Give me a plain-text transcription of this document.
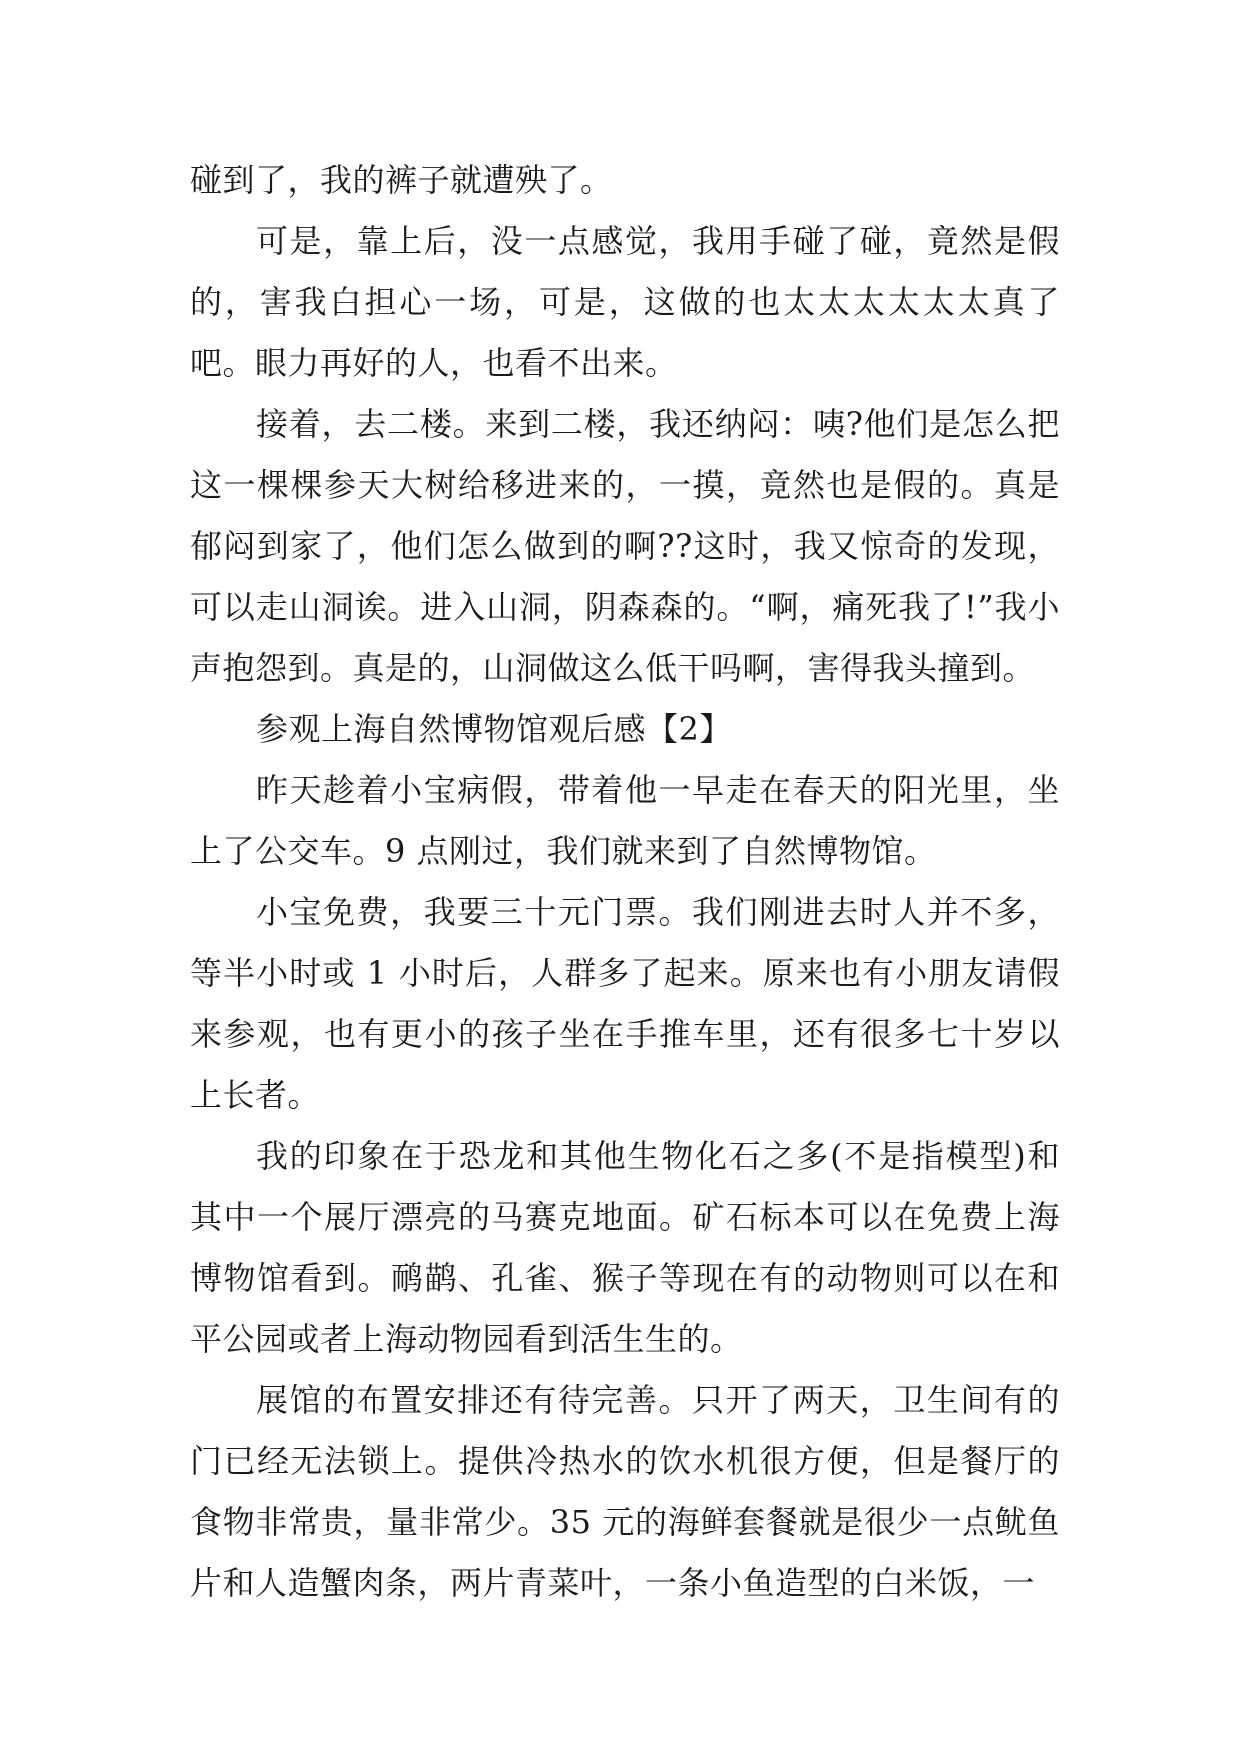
碰到了，我的裤子就遭殃了。

可是，靠上后，没一点感觉，我用手碰了碰，竟然是假的，害我白担心一场，可是，这做的也太太太太太太真了吧。眼力再好的人，也看不出来。

接着，去二楼。来到二楼，我还纳闷：咦?他们是怎么把这一棵棵参天大树给移进来的，一摸，竟然也是假的。真是郁闷到家了，他们怎么做到的啊??这时，我又惊奇的发现，可以走山洞诶。进入山洞，阴森森的。“啊，痛死我了!”我小声抱怨到。真是的，山洞做这么低干吗啊，害得我头撞到。

参观上海自然博物馆观后感【2】

昨天趁着小宝病假，带着他一早走在春天的阳光里，坐上了公交车。9 点刚过，我们就来到了自然博物馆。

小宝免费，我要三十元门票。我们刚进去时人并不多，等半小时或 1 小时后，人群多了起来。原来也有小朋友请假来参观，也有更小的孩子坐在手推车里，还有很多七十岁以上长者。

我的印象在于恐龙和其他生物化石之多(不是指模型)和其中一个展厅漂亮的马赛克地面。矿石标本可以在免费上海博物馆看到。鸸鹋、孔雀、猴子等现在有的动物则可以在和平公园或者上海动物园看到活生生的。

展馆的布置安排还有待完善。只开了两天，卫生间有的门已经无法锁上。提供冷热水的饮水机很方便，但是餐厅的食物非常贵，量非常少。35 元的海鲜套餐就是很少一点鱿鱼片和人造蟹肉条，两片青菜叶，一条小鱼造型的白米饭，一
